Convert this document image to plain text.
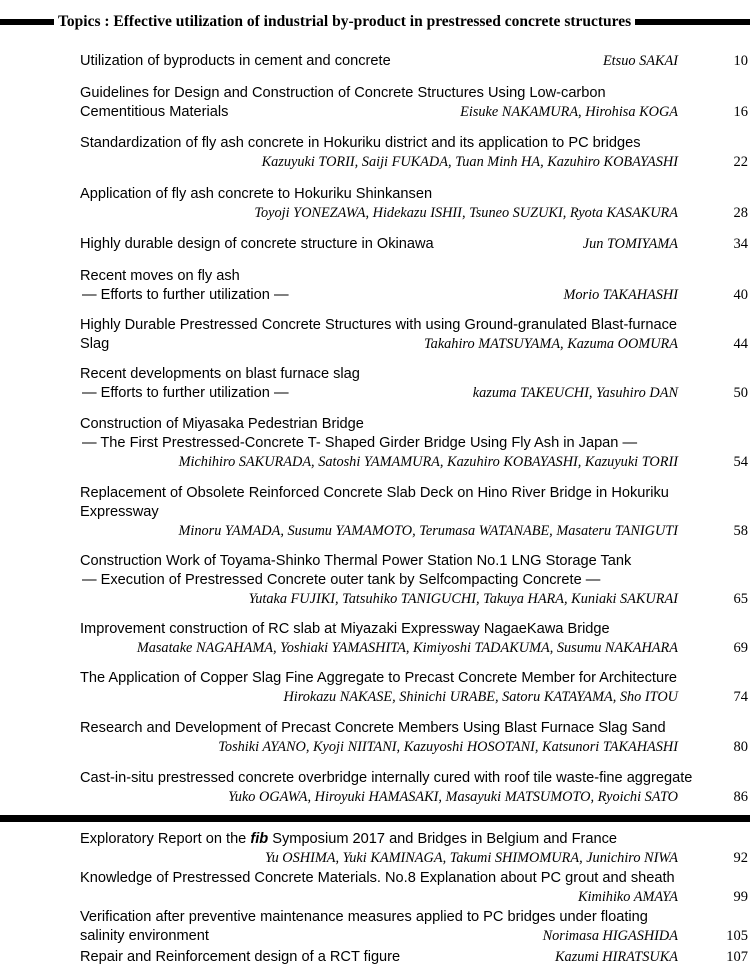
Topics : Effective utilization of industrial by-product in prestressed concrete structures
Utilization of byproducts in cement and concrete	Etsuo SAKAI	10
Guidelines for Design and Construction of Concrete Structures Using Low-carbon
Cementitious Materials	Eisuke NAKAMURA, Hirohisa KOGA	16
Standardization of fly ash concrete in Hokuriku district and its application to PC bridges
Kazuyuki TORII, Saiji FUKADA, Tuan Minh HA, Kazuhiro KOBAYASHI	22
Application of fly ash concrete to Hokuriku Shinkansen
Toyoji YONEZAWA, Hidekazu ISHII, Tsuneo SUZUKI, Ryota KASAKURA	28
Highly durable design of concrete structure in Okinawa	Jun TOMIYAMA	34
Recent moves on fly ash
— Efforts to further utilization —	Morio TAKAHASHI	40
Highly Durable Prestressed Concrete Structures with using Ground-granulated Blast-furnace
Slag	Takahiro MATSUYAMA, Kazuma OOMURA	44
Recent developments on blast furnace slag
— Efforts to further utilization —	kazuma TAKEUCHI, Yasuhiro DAN	50
Construction of Miyasaka Pedestrian Bridge
— The First Prestressed-Concrete T- Shaped Girder Bridge Using Fly Ash in Japan —
Michihiro SAKURADA, Satoshi YAMAMURA, Kazuhiro KOBAYASHI, Kazuyuki TORII	54
Replacement of Obsolete Reinforced Concrete Slab Deck on Hino River Bridge in Hokuriku
Expressway
Minoru YAMADA, Susumu YAMAMOTO, Terumasa WATANABE, Masateru TANIGUTI	58
Construction Work of Toyama-Shinko Thermal Power Station No.1 LNG Storage Tank
— Execution of Prestressed Concrete outer tank by Selfcompacting Concrete —
Yutaka FUJIKI, Tatsuhiko TANIGUCHI, Takuya HARA, Kuniaki SAKURAI	65
Improvement construction of RC slab at Miyazaki Expressway NagaeKawa Bridge
Masatake NAGAHAMA, Yoshiaki YAMASHITA, Kimiyoshi TADAKUMA, Susumu NAKAHARA	69
The Application of Copper Slag Fine Aggregate to Precast Concrete Member for Architecture
Hirokazu NAKASE, Shinichi URABE, Satoru KATAYAMA, Sho ITOU	74
Research and Development of Precast Concrete Members Using Blast Furnace Slag Sand
Toshiki AYANO, Kyoji NIITANI, Kazuyoshi HOSOTANI, Katsunori TAKAHASHI	80
Cast-in-situ prestressed concrete overbridge internally cured with roof tile waste-fine aggregate
Yuko OGAWA, Hiroyuki HAMASAKI, Masayuki MATSUMOTO, Ryoichi SATO	86
Exploratory Report on the fib Symposium 2017 and Bridges in Belgium and France
Yu OSHIMA, Yuki KAMINAGA, Takumi SHIMOMURA, Junichiro NIWA	92
Knowledge of Prestressed Concrete Materials. No.8 Explanation about PC grout and sheath
Kimihiko AMAYA	99
Verification after preventive maintenance measures applied to PC bridges under floating
salinity environment	Norimasa HIGASHIDA	105
Repair and Reinforcement design of a RCT figure	Kazumi HIRATSUKA	107
